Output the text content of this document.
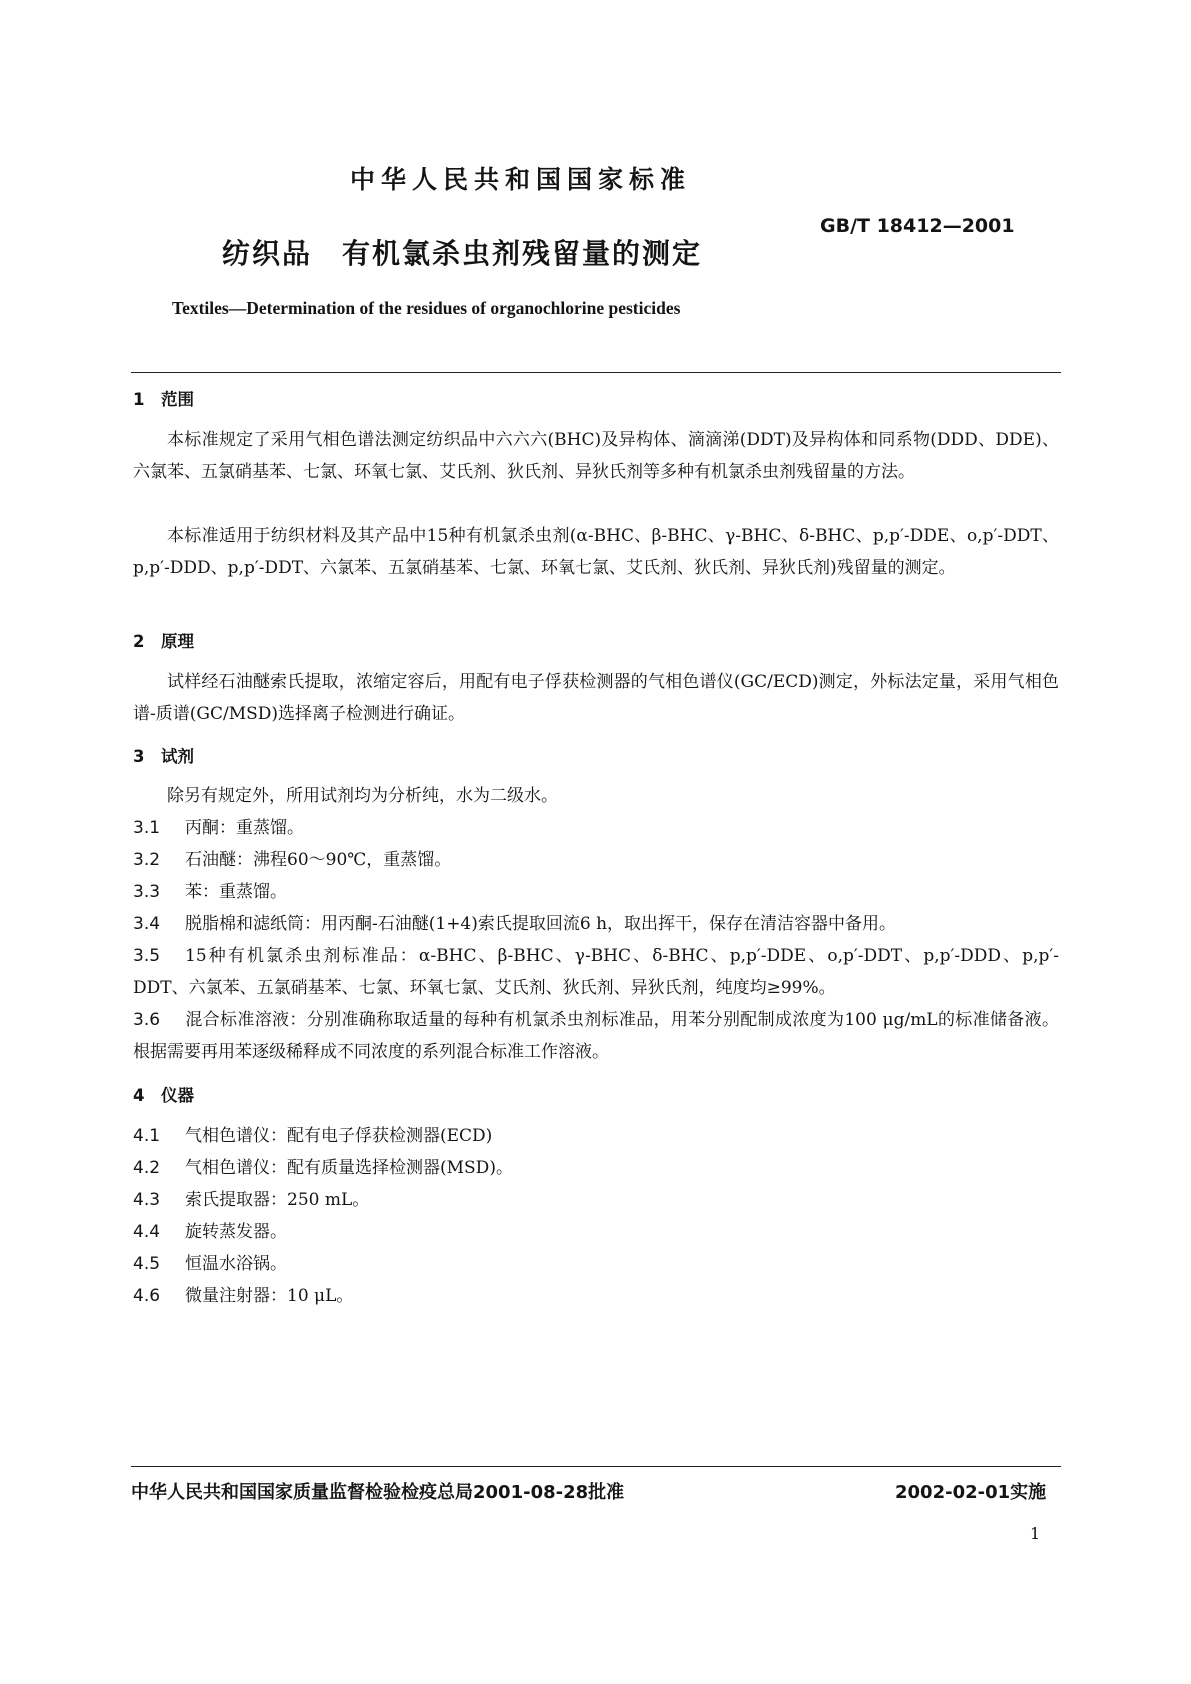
中华人民共和国国家标准
GB/T 18412—2001
纺织品　有机氯杀虫剂残留量的测定
Textiles—Determination of the residues of organochlorine pesticides
1　范围
本标准规定了采用气相色谱法测定纺织品中六六六(BHC)及异构体、滴滴涕(DDT)及异构体和同系物(DDD、DDE)、六氯苯、五氯硝基苯、七氯、环氧七氯、艾氏剂、狄氏剂、异狄氏剂等多种有机氯杀虫剂残留量的方法。
本标准适用于纺织材料及其产品中15种有机氯杀虫剂(α-BHC、β-BHC、γ-BHC、δ-BHC、p,p′-DDE、o,p′-DDT、p,p′-DDD、p,p′-DDT、六氯苯、五氯硝基苯、七氯、环氧七氯、艾氏剂、狄氏剂、异狄氏剂)残留量的测定。
2　原理
试样经石油醚索氏提取，浓缩定容后，用配有电子俘获检测器的气相色谱仪(GC/ECD)测定，外标法定量，采用气相色谱-质谱(GC/MSD)选择离子检测进行确证。
3　试剂
除另有规定外，所用试剂均为分析纯，水为二级水。
3.1 丙酮：重蒸馏。
3.2 石油醚：沸程60～90℃，重蒸馏。
3.3 苯：重蒸馏。
3.4 脱脂棉和滤纸筒：用丙酮-石油醚(1+4)索氏提取回流6 h，取出挥干，保存在清洁容器中备用。
3.5 15种有机氯杀虫剂标准品：α-BHC、β-BHC、γ-BHC、δ-BHC、p,p′-DDE、o,p′-DDT、p,p′-DDD、p,p′-DDT、六氯苯、五氯硝基苯、七氯、环氧七氯、艾氏剂、狄氏剂、异狄氏剂，纯度均≥99%。
3.6 混合标准溶液：分别准确称取适量的每种有机氯杀虫剂标准品，用苯分别配制成浓度为100 μg/mL的标准储备液。根据需要再用苯逐级稀释成不同浓度的系列混合标准工作溶液。
4　仪器
4.1 气相色谱仪：配有电子俘获检测器(ECD)
4.2 气相色谱仪：配有质量选择检测器(MSD)。
4.3 索氏提取器：250 mL。
4.4 旋转蒸发器。
4.5 恒温水浴锅。
4.6 微量注射器：10 μL。
中华人民共和国国家质量监督检验检疫总局2001-08-28批准	2002-02-01实施
1
